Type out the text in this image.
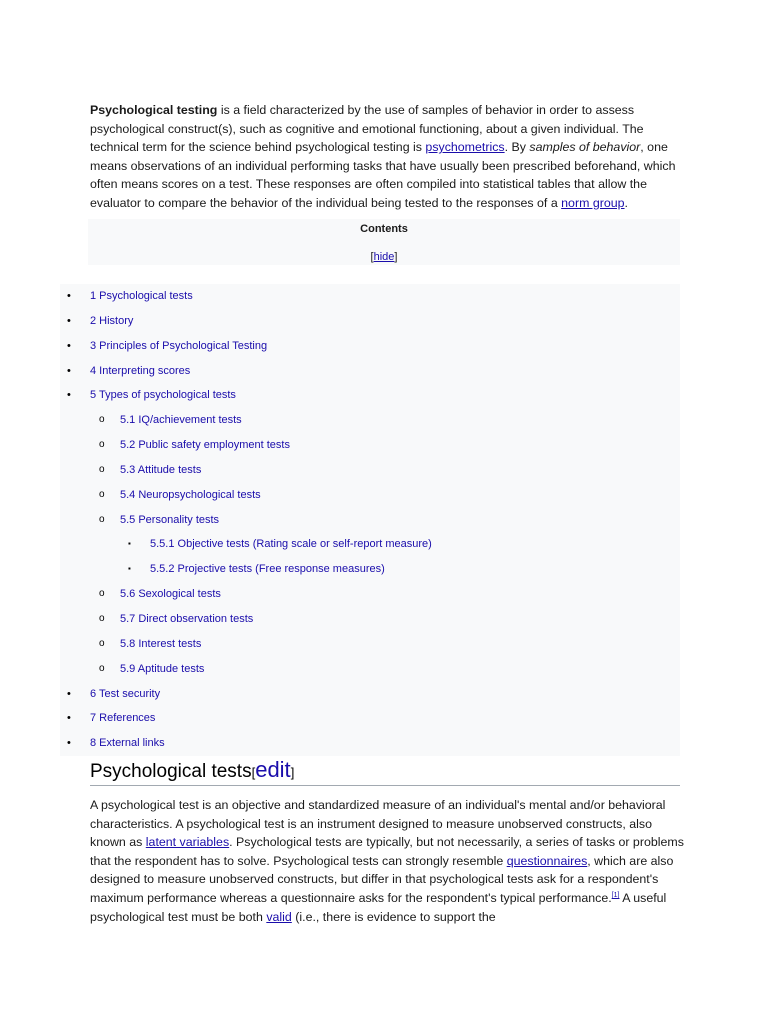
Psychological testing is a field characterized by the use of samples of behavior in order to assess psychological construct(s), such as cognitive and emotional functioning, about a given individual. The technical term for the science behind psychological testing is psychometrics. By samples of behavior, one means observations of an individual performing tasks that have usually been prescribed beforehand, which often means scores on a test. These responses are often compiled into statistical tables that allow the evaluator to compare the behavior of the individual being tested to the responses of a norm group.
Contents
[hide]
• 1 Psychological tests
• 2 History
• 3 Principles of Psychological Testing
• 4 Interpreting scores
• 5 Types of psychological tests
o 5.1 IQ/achievement tests
o 5.2 Public safety employment tests
o 5.3 Attitude tests
o 5.4 Neuropsychological tests
o 5.5 Personality tests
▪ 5.5.1 Objective tests (Rating scale or self-report measure)
▪ 5.5.2 Projective tests (Free response measures)
o 5.6 Sexological tests
o 5.7 Direct observation tests
o 5.8 Interest tests
o 5.9 Aptitude tests
• 6 Test security
• 7 References
• 8 External links
Psychological tests[edit]
A psychological test is an objective and standardized measure of an individual's mental and/or behavioral characteristics. A psychological test is an instrument designed to measure unobserved constructs, also known as latent variables. Psychological tests are typically, but not necessarily, a series of tasks or problems that the respondent has to solve. Psychological tests can strongly resemble questionnaires, which are also designed to measure unobserved constructs, but differ in that psychological tests ask for a respondent's maximum performance whereas a questionnaire asks for the respondent's typical performance.[1] A useful psychological test must be both valid (i.e., there is evidence to support the
